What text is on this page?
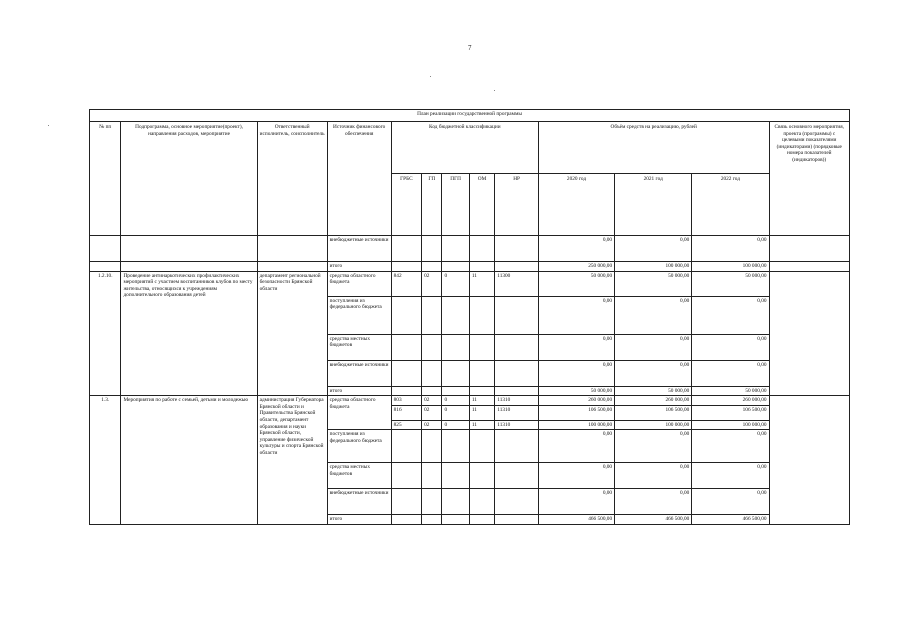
7
План реализации государственной программы												
№ пп	Подпрограмма, основное мероприятие(проект), направления расходов, мероприятие	Ответственный исполнитель, соисполнитель	Источник финансового обеспечения	Код бюджетной классификации					Объём средств на реализацию, рублей			Связь основного мероприятия, проекта (программы) с целевыми показателями (индикаторами) (порядковые номера показателей (индикаторов))
				ГРБС	ГП	ПГП	ОМ	НР	2020 год	2021 год	2022 год	
			внебюджетные источники						0,00	0,00	0,00	
			итого						250 000,00	100 000,00	100 000,00	
1.2.10.	Проведение антинаркотических профилактических мероприятий с участием воспитанников клубов по месту жительства, относящихся к учреждениям дополнительного образования детей	департамент региональной безопасности Брянской области	средства областного бюджета	842	02	0	11	11300	50 000,00	50 000,00	50 000,00	
			поступления из федерального бюджета						0,00	0,00	0,00	
			средства местных бюджетов						0,00	0,00	0,00	
			внебюджетные источники						0,00	0,00	0,00	
			итого						50 000,00	50 000,00	50 000,00	
1.3.	Мероприятия по работе с семьей, детьми и молодежью	администрация Губернатора Брянской области и Правительства Брянской области, департамент образования и науки Брянской области, управление физической культуры и спорта Брянской области	средства областного бюджета	803	02	0	11	11310	260 000,00	260 000,00	260 000,00	
				816	02	0	11	11310	106 500,00	106 500,00	106 500,00	
				825	02	0	11	11310	100 000,00	100 000,00	100 000,00	
			поступления из федерального бюджета						0,00	0,00	0,00	
			средства местных бюджетов						0,00	0,00	0,00	
			внебюджетные источники						0,00	0,00	0,00	
			итого						466 500,00	466 500,00	466 500,00	
